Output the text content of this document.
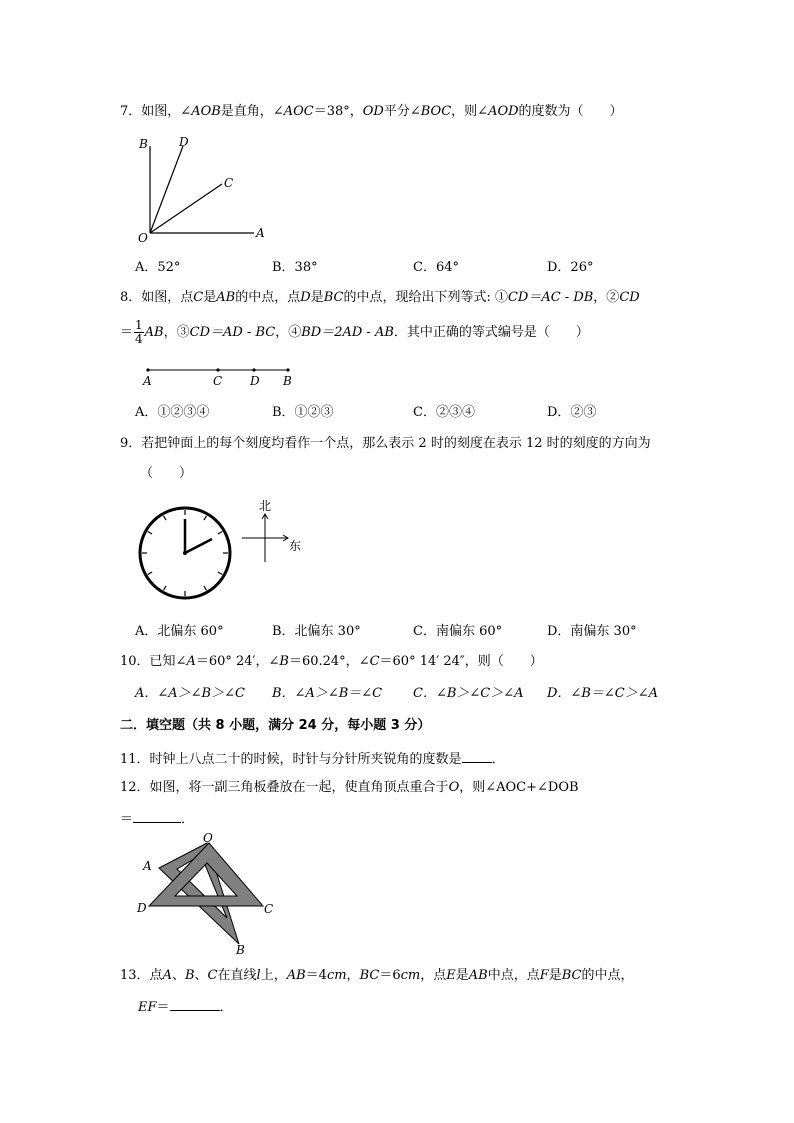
7．如图，∠AOB是直角，∠AOC＝38°，OD平分∠BOC，则∠AOD的度数为（　　）
B	D
C
O	A
A．52°	B．38°	C．64°	D．26°
8．如图，点C是AB的中点，点D是BC的中点，现给出下列等式: ①CD＝AC - DB，②CD
＝ $\frac{1}{4}$ AB，③CD＝AD - BC，④BD＝2AD - AB．其中正确的等式编号是（　　）
A	C D B
A．①②③④	B．①②③	C．②③④	D．②③
9．若把钟面上的每个刻度均看作一个点，那么表示 2 时的刻度在表示 12 时的刻度的方向为
（　　）
北
东
A．北偏东 60°	B．北偏东 30°	C．南偏东 60°	D．南偏东 30°
10．已知∠A＝60° 24′，∠B＝60.24°，∠C＝60° 14′ 24″，则（　　）
A．∠A＞∠B＞∠C B．∠A＞∠B＝∠C C．∠B＞∠C＞∠A D．∠B＝∠C＞∠A
二．填空题（共 8 小题，满分 24 分，每小题 3 分）
11．时钟上八点二十的时候，时针与分针所夹锐角的度数是 ．
12．如图，将一副三角板叠放在一起，使直角顶点重合于O，则∠AOC+∠DOB
＝	．
O
A
D	C
B
13．点A、B、C在直线l上，AB＝4cm，BC＝6cm，点E是AB中点，点F是BC的中点，
EF＝	．
